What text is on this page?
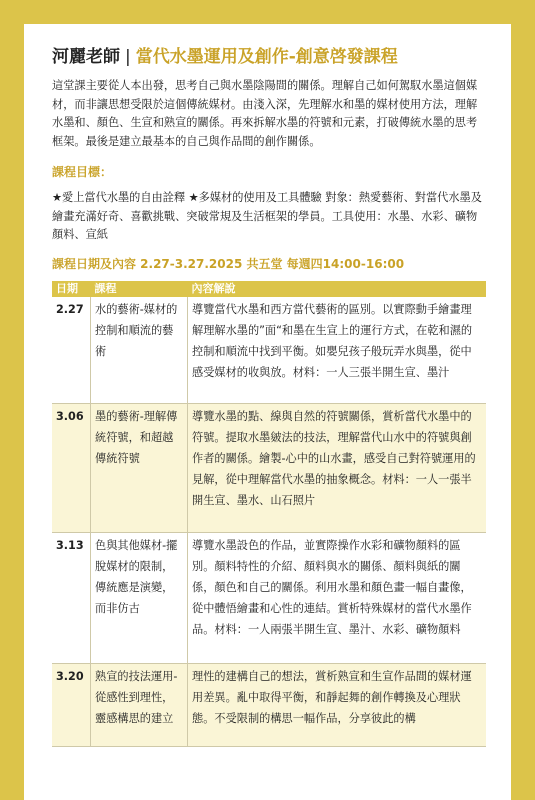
河麗老師 | 當代水墨運用及創作-創意啓發課程
這堂課主要從人本出發，思考自己與水墨陰陽間的關係。理解自己如何駕馭水墨這個媒材，而非讓思想受限於這個傳統媒材。由淺入深，先理解水和墨的媒材使用方法，理解水墨和、顏色、生宣和熟宣的關係。再來拆解水墨的符號和元素，打破傳統水墨的思考框架。最後是建立最基本的自己與作品間的創作關係。
課程目標：
★愛上當代水墨的自由詮釋 ★多媒材的使用及工具體驗 對象：熱愛藝術、對當代水墨及繪畫充滿好奇、喜歡挑戰、突破常規及生活框架的學員。工具使用：水墨、水彩、礦物顏料、宣紙
課程日期及內容 2.27-3.27.2025 共五堂 每週四14:00-16:00
日期	課程	內容解說
2.27	水的藝術-媒材的控制和順流的藝術	導覽當代水墨和西方當代藝術的區別。以實際動手繪畫理解理解水墨的”面“和墨在生宣上的運行方式，在乾和濕的控制和順流中找到平衡。如嬰兒孩子般玩弄水與墨，從中感受媒材的收與放。材料：一人三張半開生宣、墨汁
3.06	墨的藝術-理解傳統符號，和超越傳統符號	導覽水墨的點、線與自然的符號關係，賞析當代水墨中的符號。提取水墨皴法的技法，理解當代山水中的符號與創作者的關係。繪製-心中的山水畫，感受自己對符號運用的見解，從中理解當代水墨的抽象概念。材料：一人一張半開生宣、墨水、山石照片
3.13	色與其他媒材-擺脫媒材的限制，傳統應是演變，而非仿古	導覽水墨設色的作品，並實際操作水彩和礦物顏料的區別。顏料特性的介紹、顏料與水的關係、顏料與紙的關係，顏色和自己的關係。利用水墨和顏色畫一幅自畫像，從中體悟繪畫和心性的連結。賞析特殊媒材的當代水墨作品。材料：一人兩張半開生宣、墨汁、水彩、礦物顏料
3.20	熟宣的技法運用-從感性到理性，靈感構思的建立	理性的建構自己的想法，賞析熟宣和生宣作品間的媒材運用差異。亂中取得平衡，和靜起舞的創作轉換及心理狀態。不受限制的構思一幅作品，分享彼此的構
